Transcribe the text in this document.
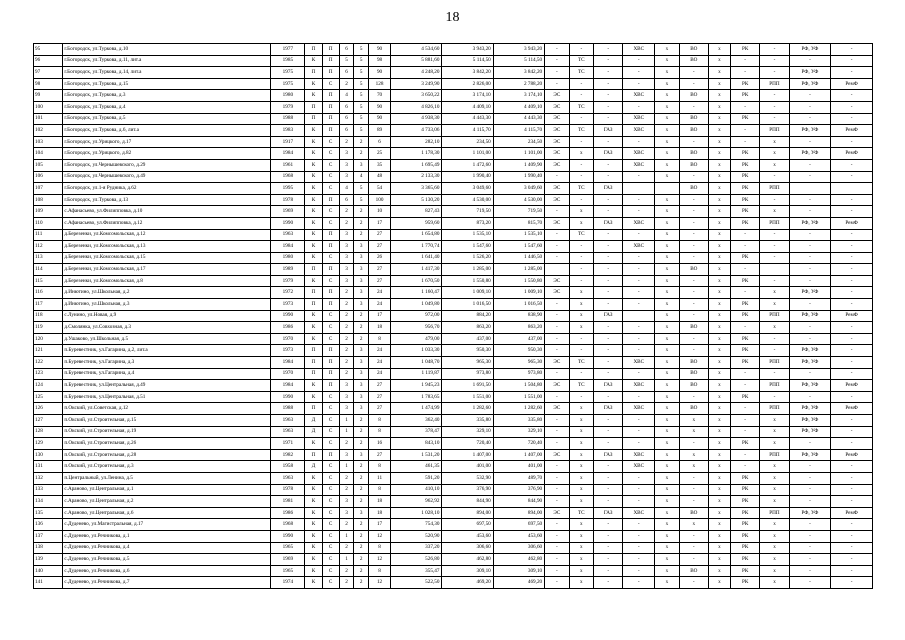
18
95	г.Богородск, ул.Туркова, д.10	1977	П	П	6	5	90	4 534,60	3 943,20	3 943,20	-	-	-	ХВС	х	ВО	х	РК	-	РФ, УФ	-
96	г.Богородск, ул.Туркова, д.11, лит.а	1985	К	П	5	5	98	5 881,60	5 114,50	5 114,50	-	ТС	-	-	х	ВО	х	-	-	-	-
97	г.Богородск, ул.Туркова, д.14, лит.а	1975	П	П	6	5	90	4 248,20	3 842,20	3 842,20	-	ТС	-	-	х	-	х	-	-	РФ, УФ	-
98	г.Богородск, ул.Туркова, д.15	1975	К	С	2	5	128	3 249,90	2 826,00	2 788,20	-	-	-	-	х	-	х	РК	РПП	РФ, УФ	РемФ
99	г.Богородск, ул.Туркова, д.3	1980	К	П	4	5	70	3 650,22	3 174,10	3 174,10	ЭС	-	-	ХВС	х	ВО	х	РК	-	-	-
100	г.Богородск, ул.Туркова, д.4	1979	П	П	6	5	90	4 826,10	4 409,10	4 409,10	ЭС	ТС	-	-	х	-	х	-	-	-	-
101	г.Богородск, ул.Туркова, д.5	1988	П	П	6	5	90	4 938,30	4 443,30	4 443,30	ЭС	-	-	ХВС	х	ВО	х	РК	-	-	-
102	г.Богородск, ул.Туркова, д.6, лит.а	1983	К	П	6	5	89	4 733,06	4 115,70	4 115,70	ЭС	ТС	ГАЗ	ХВС	х	ВО	х	-	РПП	РФ, УФ	РемФ
103	г.Богородск, ул.Урицкого, д.17	1917	К	С	2	2	6	282,10	234,50	234,50	ЭС	-	-	-	х	-	х	-	х	-	-
104	г.Богородск, ул.Урицкого, д.82	1984	К	С	3	2	25	1 178,30	1 101,00	1 101,00	ЭС	х	ГАЗ	ХВС	х	ВО	х	РК	х	РФ, УФ	РемФ
105	г.Богородск, ул.Чернышевского, д.29	1961	К	С	3	3	35	1 695,49	1 472,60	1 409,90	ЭС	-	-	ХВС	х	ВО	х	РК	х	-	-
106	г.Богородск, ул.Чернышевского, д.49	1968	К	С	3	4	48	2 133,30	1 990,40	1 990,40	-	-	-	-	х	-	х	РК	-	-	-
107	г.Богородск, ул.1-я Рудника, д.62	1995	К	С	4	5	54	3 365,60	3 049,60	3 049,60	ЭС	ТС	ГАЗ			ВО	х	РК	РПП		
108	г.Богородск, ул.Туркова, д.13	1978	К	П	6	5	100	5 130,20	4 530,00	4 530,00	ЭС	-	-	-	х	-	х	РК	-	-	-
109	с.Афанасьево, ул.Филипповка, д.10	1969	К	С	2	2	10	827,43	719,50	719,50	-	х	-	-	х	-	х	РК	х	-	-
110	с.Афанасьево, ул.Филипповка, д.12	1990	К	С	2	2	17	959,60	873,20	815,70	ЭС	х	ГАЗ	ХВС	х	-	х	РК	РПП	РФ, УФ	РемФ
111	д.Березенки, ул.Комсомольская, д.12	1963	К	П	3	2	27	1 654,80	1 535,10	1 535,10	-	ТС	-	-	х	-	х	-	-	-	-
112	д.Березенки, ул.Комсомольская, д.13	1984	К	П	3	3	27	1 770,74	1 547,60	1 547,60	-	-	-	ХВС	х	-	х	-	-	-	-
113	д.Березенки, ул.Комсомольская, д.15	1980	К	С	3	3	26	1 641,40	1 526,20	1 446,50	-	-	-	-	х	-	х	РК	-	-	-
114	д.Березенки, ул.Комсомольская, д.17	1989	П	П	3	3	27	1 417,30	1 285,00	1 285,00		-	-	-	х	ВО	х	-		-	-
115	д.Березенки, ул.Комсомольская, д.8	1979	К	С	3	3	27	1 670,50	1 550,80	1 550,80	ЭС	-	-	-	х	-	х	РК	-	-	-
116	д.Инютино, ул.Школьная, д.2	1972	П	П	2	3	24	1 160,47	1 009,10	1 009,10	ЭС	х	-	-	х	-	х	-	х	РФ, УФ	-
117	д.Инютино, ул.Школьная, д.3	1973	П	П	2	3	24	1 049,80	1 016,50	1 016,50	-	х	-	-	х	-	х	РК	х	-	-
118	с.Лунино, ул.Новая, д.9	1990	К	С	2	2	17	972,00	884,20	838,90	-	х	ГАЗ		х	-	х	РК	РПП	РФ, УФ	РемФ
119	д.Смолянка, ул.Совхозная, д.3	1986	К	С	2	2	18	956,70	863,20	863,20	-	х	-	-	х	ВО	х	-	х	-	-
120	д.Ушаково, ул.Школьная, д.5	1970	К	С	2	2	8	479,00	437,00	437,00	-	-	-	-	х	-	х	РК	-	-	-
121	п.Буревестник, ул.Гагарина, д.2, лит.а	1973	П	П	2	3	24	1 033,30	950,30	950,30	-	-	-	-	х	-	х	РК	-	РФ, УФ	-
122	п.Буревестник, ул.Гагарина, д.3	1984	П	П	2	3	24	1 048,70	965,30	965,30	ЭС	ТС	-	ХВС	х	ВО	х	РК	РПП	РФ, УФ	-
123	п.Буревестник, ул.Гагарина, д.4	1970	П	П	2	3	24	1 119,87	973,80	973,80	-	-	-	-	х	ВО	х	-	-	-	-
124	п.Буревестник, ул.Центральная, д.49	1984	К	П	3	3	27	1 945,23	1 691,50	1 504,80	ЭС	ТС	ГАЗ	ХВС	х	ВО	х	-	РПП	РФ, УФ	РемФ
125	п.Буревестник, ул.Центральная, д.51	1990	К	С	3	3	27	1 783,65	1 551,00	1 551,00	-	-	-	-	х	-	х	РК	-	-	-
126	п.Окский, ул.Советская, д.12	1988	П	С	3	3	27	1 474,99	1 282,60	1 282,60	ЭС	х	ГАЗ	ХВС	х	ВО	х	-	РПП	РФ, УФ	РемФ
127	п.Окский, ул.Строительная, д.15	1963	Д	С	1	2	8	362,40	335,80	335,80	-	х	-	-	х	х	х	-	х	РФ, УФ	-
128	п.Окский, ул.Строительная, д.19	1963	Д	С	1	2	8	378,47	329,10	329,10	-	х	-	-	х	х	х	-	х	РФ, УФ	-
129	п.Окский, ул.Строительная, д.26	1971	К	С	2	2	16	843,10	720,40	720,40	-	х	-	-	х	-	х	РК	х	-	-
130	п.Окский, ул.Строительная, д.28	1982	П	П	3	3	27	1 531,20	1 407,00	1 407,00	ЭС	х	ГАЗ	ХВС	х	х	х	-	РПП	РФ, УФ	РемФ
131	п.Окский, ул.Строительная, д.3	1958	Д	С	1	2	8	461,35	401,00	401,00	-	х	-	ХВС	х	х	х	-	х	-	-
132	п.Центральный, ул.Ленина, д.5	1963	К	С	2	2	11	591,20	532,90	489,70	-	х	-	-	х	-	х	РК	х	-	-
133	с.Араново, ул.Центральная, д.1	1978	К	С	2	2	8	410,10	376,90	376,90	-	х	-	-	х	-	х	РК	х	-	-
134	с.Араново, ул.Центральная, д.2	1981	К	С	3	2	18	962,92	844,90	844,90	-	х	-	-	х	-	х	РК	х	-	-
135	с.Араново, ул.Центральная, д.6	1986	К	С	3	3	18	1 028,10	894,00	894,00	ЭС	ТС	ГАЗ	ХВС	х	ВО	х	РК	РПП	РФ, УФ	РемФ
136	с.Дуденево, ул.Магистральная, д.17	1968	К	С	2	2	17	754,30	697,50	697,50	-	х	-	-	х	х	х	РК	х	-	-
137	с.Дуденево, ул.Речникова, д.1	1990	К	С	1	2	12	520,90	453,60	453,60	-	х	-	-	х	-	х	РК	х	-	-
138	с.Дуденево, ул.Речникова, д.4	1965	К	С	2	2	8	337,20	306,60	306,60	-	х	-	-	х	-	х	РК	х	-	-
139	с.Дуденево, ул.Речникова, д.5	1969	К	С	1	2	12	526,80	462,80	462,80	-	х	-	-	х	-	х	РК	х	-	-
140	с.Дуденево, ул.Речникова, д.6	1965	К	С	2	2	8	355,47	309,10	309,10	-	х	-	-	х	ВО	х	РК	х	-	-
141	с.Дуденево, ул.Речникова, д.7	1974	К	С	2	2	12	522,50	469,20	469,20	-	х	-	-	х	-	х	РК	х	-	-
